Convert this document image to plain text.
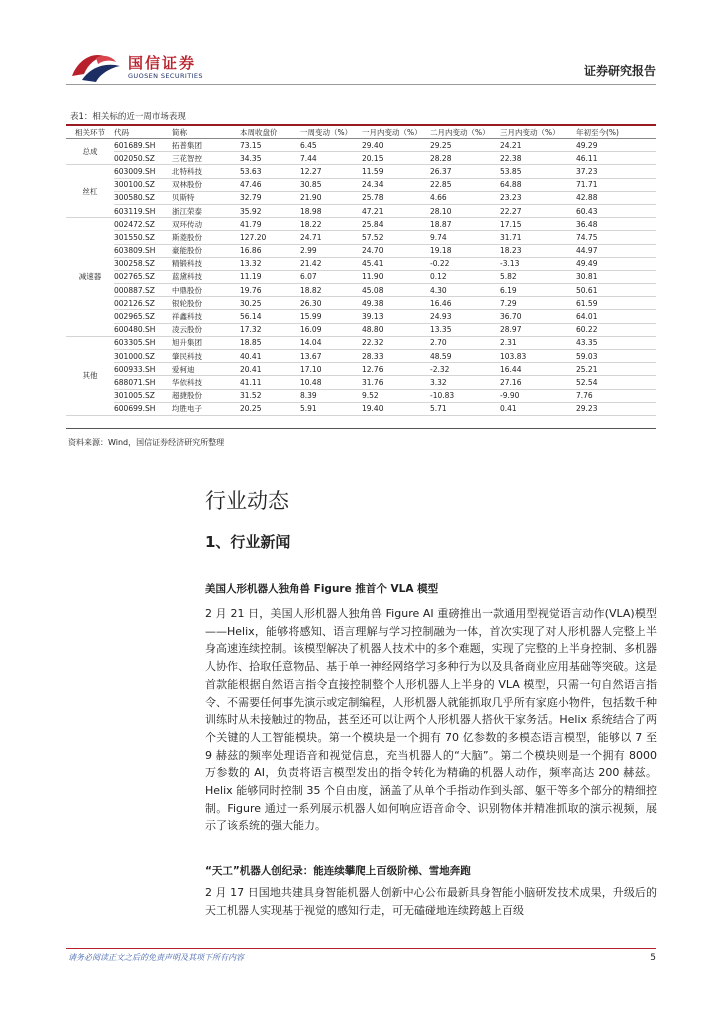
国信证券
GUOSEN SECURITIES	证券研究报告
表1：相关标的近一周市场表现
相关环节	代码	简称	本周收盘价	一周变动（%）	一月内变动（%）	二月内变动（%）	三月内变动（%）	年初至今(%)
总成	601689.SH	拓普集团	73.15	6.45	29.40	29.25	24.21	49.29
	002050.SZ	三花智控	34.35	7.44	20.15	28.28	22.38	46.11
丝杠	603009.SH	北特科技	53.63	12.27	11.59	26.37	53.85	37.23
	300100.SZ	双林股份	47.46	30.85	24.34	22.85	64.88	71.71
	300580.SZ	贝斯特	32.79	21.90	25.78	4.66	23.23	42.88
	603119.SH	浙江荣泰	35.92	18.98	47.21	28.10	22.27	60.43
减速器	002472.SZ	双环传动	41.79	18.22	25.84	18.87	17.15	36.48
	301550.SZ	斯菱股份	127.20	24.71	57.52	9.74	31.71	74.75
	603809.SH	豪能股份	16.86	2.99	24.70	19.18	18.23	44.97
	300258.SZ	精锻科技	13.32	21.42	45.41	-0.22	-3.13	49.49
	002765.SZ	蓝黛科技	11.19	6.07	11.90	0.12	5.82	30.81
	000887.SZ	中鼎股份	19.76	18.82	45.08	4.30	6.19	50.61
	002126.SZ	银轮股份	30.25	26.30	49.38	16.46	7.29	61.59
	002965.SZ	祥鑫科技	56.14	15.99	39.13	24.93	36.70	64.01
	600480.SH	凌云股份	17.32	16.09	48.80	13.35	28.97	60.22
其他	603305.SH	旭升集团	18.85	14.04	22.32	2.70	2.31	43.35
	301000.SZ	肇民科技	40.41	13.67	28.33	48.59	103.83	59.03
	600933.SH	爱柯迪	20.41	17.10	12.76	-2.32	16.44	25.21
	688071.SH	华依科技	41.11	10.48	31.76	3.32	27.16	52.54
	301005.SZ	超捷股份	31.52	8.39	9.52	-10.83	-9.90	7.76
	600699.SH	均胜电子	20.25	5.91	19.40	5.71	0.41	29.23
资料来源：Wind，国信证券经济研究所整理
行业动态
1、行业新闻
美国人形机器人独角兽 Figure 推首个 VLA 模型

2 月 21 日，美国人形机器人独角兽 Figure AI 重磅推出一款通用型视觉语言动作(VLA)模型——Helix，能够将感知、语言理解与学习控制融为一体，首次实现了对人形机器人完整上半身高速连续控制。该模型解决了机器人技术中的多个难题，实现了完整的上半身控制、多机器人协作、拾取任意物品、基于单一神经网络学习多种行为以及具备商业应用基础等突破。这是首款能根据自然语言指令直接控制整个人形机器人上半身的 VLA 模型，只需一句自然语言指令、不需要任何事先演示或定制编程，人形机器人就能抓取几乎所有家庭小物件，包括数千种训练时从未接触过的物品，甚至还可以让两个人形机器人搭伙干家务活。Helix 系统结合了两个关键的人工智能模块。第一个模块是一个拥有 70 亿参数的多模态语言模型，能够以 7 至 9 赫兹的频率处理语音和视觉信息，充当机器人的“大脑”。第二个模块则是一个拥有 8000 万参数的 AI，负责将语言模型发出的指令转化为精确的机器人动作，频率高达 200 赫兹。Helix 能够同时控制 35 个自由度，涵盖了从单个手指动作到头部、躯干等多个部分的精细控制。Figure 通过一系列展示机器人如何响应语音命令、识别物体并精准抓取的演示视频，展示了该系统的强大能力。

“天工”机器人创纪录：能连续攀爬上百级阶梯、雪地奔跑

2 月 17 日国地共建具身智能机器人创新中心公布最新具身智能小脑研发技术成果，升级后的天工机器人实现基于视觉的感知行走，可无磕碰地连续跨越上百级

请务必阅读正文之后的免责声明及其项下所有内容	5
